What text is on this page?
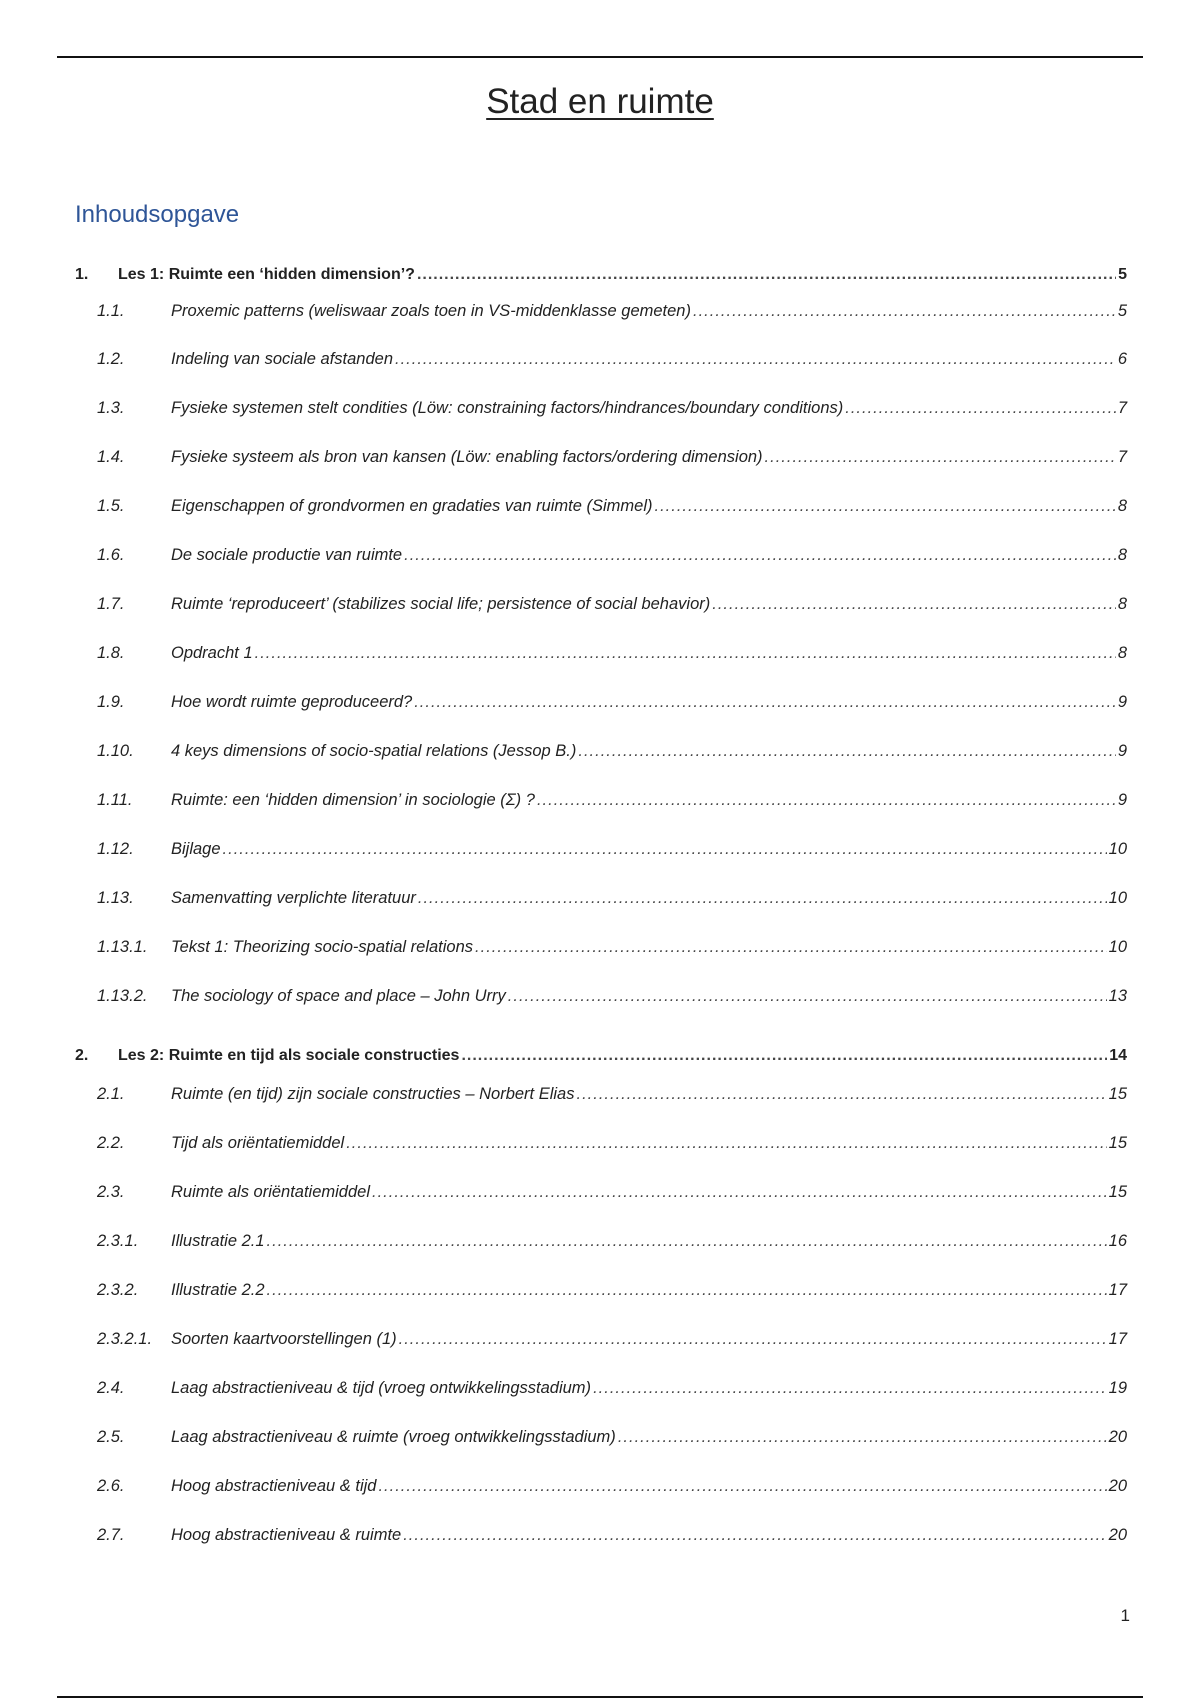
Stad en ruimte
Inhoudsopgave
1.	Les 1: Ruimte een ‘hidden dimension’? .....	5
1.1.	Proxemic patterns (weliswaar zoals toen in VS-middenklasse gemeten) .....	5
1.2.	Indeling van sociale afstanden .....	6
1.3.	Fysieke systemen stelt condities (Löw: constraining factors/hindrances/boundary conditions) .....	7
1.4.	Fysieke systeem als bron van kansen (Löw: enabling factors/ordering dimension) .....	7
1.5.	Eigenschappen of grondvormen en gradaties van ruimte (Simmel) .....	8
1.6.	De sociale productie van ruimte .....	8
1.7.	Ruimte ‘reproduceert’ (stabilizes social life; persistence of social behavior) .....	8
1.8.	Opdracht 1 .....	8
1.9.	Hoe wordt ruimte geproduceerd? .....	9
1.10.	4 keys dimensions of socio-spatial relations (Jessop B.) .....	9
1.11.	Ruimte: een ‘hidden dimension’ in sociologie (Σ) ? .....	9
1.12.	Bijlage .....	10
1.13.	Samenvatting verplichte literatuur .....	10
1.13.1.	Tekst 1: Theorizing socio-spatial relations .....	10
1.13.2.	The sociology of space and place – John Urry .....	13
2.	Les 2: Ruimte en tijd als sociale constructies .....	14
2.1.	Ruimte (en tijd) zijn sociale constructies – Norbert Elias .....	15
2.2.	Tijd als oriëntatiemiddel .....	15
2.3.	Ruimte als oriëntatiemiddel .....	15
2.3.1.	Illustratie 2.1 .....	16
2.3.2.	Illustratie 2.2 .....	17
2.3.2.1.	Soorten kaartvoorstellingen (1) .....	17
2.4.	Laag abstractieniveau & tijd (vroeg ontwikkelingsstadium) .....	19
2.5.	Laag abstractieniveau & ruimte (vroeg ontwikkelingsstadium) .....	20
2.6.	Hoog abstractieniveau & tijd .....	20
2.7.	Hoog abstractieniveau & ruimte .....	20
1
